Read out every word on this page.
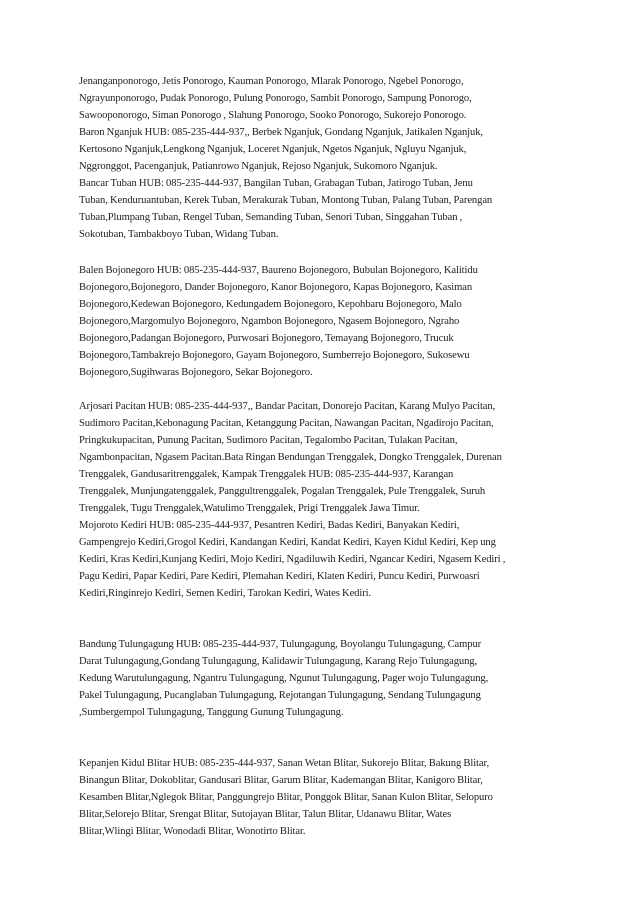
Jenanganponorogo, Jetis Ponorogo, Kauman Ponorogo, Mlarak Ponorogo, Ngebel Ponorogo,
Ngrayunponorogo, Pudak Ponorogo, Pulung Ponorogo, Sambit Ponorogo, Sampung Ponorogo,
Sawooponorogo, Siman Ponorogo , Slahung Ponorogo, Sooko Ponorogo, Sukorejo Ponorogo.
Baron Nganjuk HUB: 085-235-444-937,, Berbek Nganjuk, Gondang Nganjuk, Jatikalen Nganjuk,
Kertosono Nganjuk,Lengkong Nganjuk, Loceret Nganjuk, Ngetos Nganjuk, Ngluyu Nganjuk,
Nggronggot, Pacenganjuk, Patianrowo Nganjuk, Rejoso Nganjuk, Sukomoro Nganjuk.
Bancar Tuban HUB: 085-235-444-937, Bangilan Tuban, Grabagan Tuban, Jatirogo Tuban, Jenu
Tuban, Kenduruantuban, Kerek Tuban, Merakurak Tuban, Montong Tuban, Palang Tuban, Parengan
Tuban,Plumpang Tuban, Rengel Tuban, Semanding Tuban, Senori Tuban, Singgahan Tuban ,
Sokotuban, Tambakboyo Tuban, Widang Tuban.

Balen Bojonegoro HUB: 085-235-444-937, Baureno Bojonegoro, Bubulan Bojonegoro, Kalitidu
Bojonegoro,Bojonegoro, Dander Bojonegoro, Kanor Bojonegoro, Kapas Bojonegoro, Kasiman
Bojonegoro,Kedewan Bojonegoro, Kedungadem Bojonegoro, Kepohbaru Bojonegoro, Malo
Bojonegoro,Margomulyo Bojonegoro, Ngambon Bojonegoro, Ngasem Bojonegoro, Ngraho
Bojonegoro,Padangan Bojonegoro, Purwosari Bojonegoro, Temayang Bojonegoro, Trucuk
Bojonegoro,Tambakrejo Bojonegoro, Gayam Bojonegoro, Sumberrejo Bojonegoro, Sukosewu
Bojonegoro,Sugihwaras Bojonegoro, Sekar Bojonegoro.

Arjosari Pacitan HUB: 085-235-444-937,, Bandar Pacitan, Donorejo Pacitan, Karang Mulyo Pacitan,
Sudimoro Pacitan,Kebonagung Pacitan, Ketanggung Pacitan, Nawangan Pacitan, Ngadirojo Pacitan,
Pringkukupacitan, Punung Pacitan, Sudimoro Pacitan, Tegalombo Pacitan, Tulakan Pacitan,
Ngambonpacitan, Ngasem Pacitan.Bata Ringan Bendungan Trenggalek, Dongko Trenggalek, Durenan
Trenggalek, Gandusaritrenggalek, Kampak Trenggalek HUB: 085-235-444-937, Karangan
Trenggalek, Munjungatenggalek, Panggultrenggalek, Pogalan Trenggalek, Pule Trenggalek, Suruh
Trenggalek, Tugu Trenggalek,Watulimo Trenggalek, Prigi Trenggalek Jawa Timur.

Mojoroto Kediri HUB: 085-235-444-937, Pesantren Kediri, Badas Kediri, Banyakan Kediri,
Gampengrejo Kediri,Grogol Kediri, Kandangan Kediri, Kandat Kediri, Kayen Kidul Kediri, Kep ung
Kediri, Kras Kediri,Kunjang Kediri, Mojo Kediri, Ngadiluwih Kediri, Ngancar Kediri, Ngasem Kediri ,
Pagu Kediri, Papar Kediri, Pare Kediri, Plemahan Kediri, Klaten Kediri, Puncu Kediri, Purwoasri
Kediri,Ringinrejo Kediri, Semen Kediri, Tarokan Kediri, Wates Kediri.

Bandung Tulungagung HUB: 085-235-444-937, Tulungagung, Boyolangu Tulungagung, Campur
Darat Tulungagung,Gondang Tulungagung, Kalidawir Tulungagung, Karang Rejo Tulungagung,
Kedung Warutulungagung, Ngantru Tulungagung, Ngunut Tulungagung, Pager wojo Tulungagung,
Pakel Tulungagung, Pucanglaban Tulungagung, Rejotangan Tulungagung, Sendang Tulungagung
,Sumbergempol Tulungagung, Tanggung Gunung Tulungagung.

Kepanjen Kidul Blitar HUB: 085-235-444-937, Sanan Wetan Blitar, Sukorejo Blitar, Bakung Blitar,
Binangun Blitar, Dokoblitar, Gandusari Blitar, Garum Blitar, Kademangan Blitar, Kanigoro Blitar,
Kesamben Blitar,Nglegok Blitar, Panggungrejo Blitar, Ponggok Blitar, Sanan Kulon Blitar, Selopuro
Blitar,Selorejo Blitar, Srengat Blitar, Sutojayan Blitar, Talun Blitar, Udanawu Blitar, Wates
Blitar,Wlingi Blitar, Wonodadi Blitar, Wonotirto Blitar.
